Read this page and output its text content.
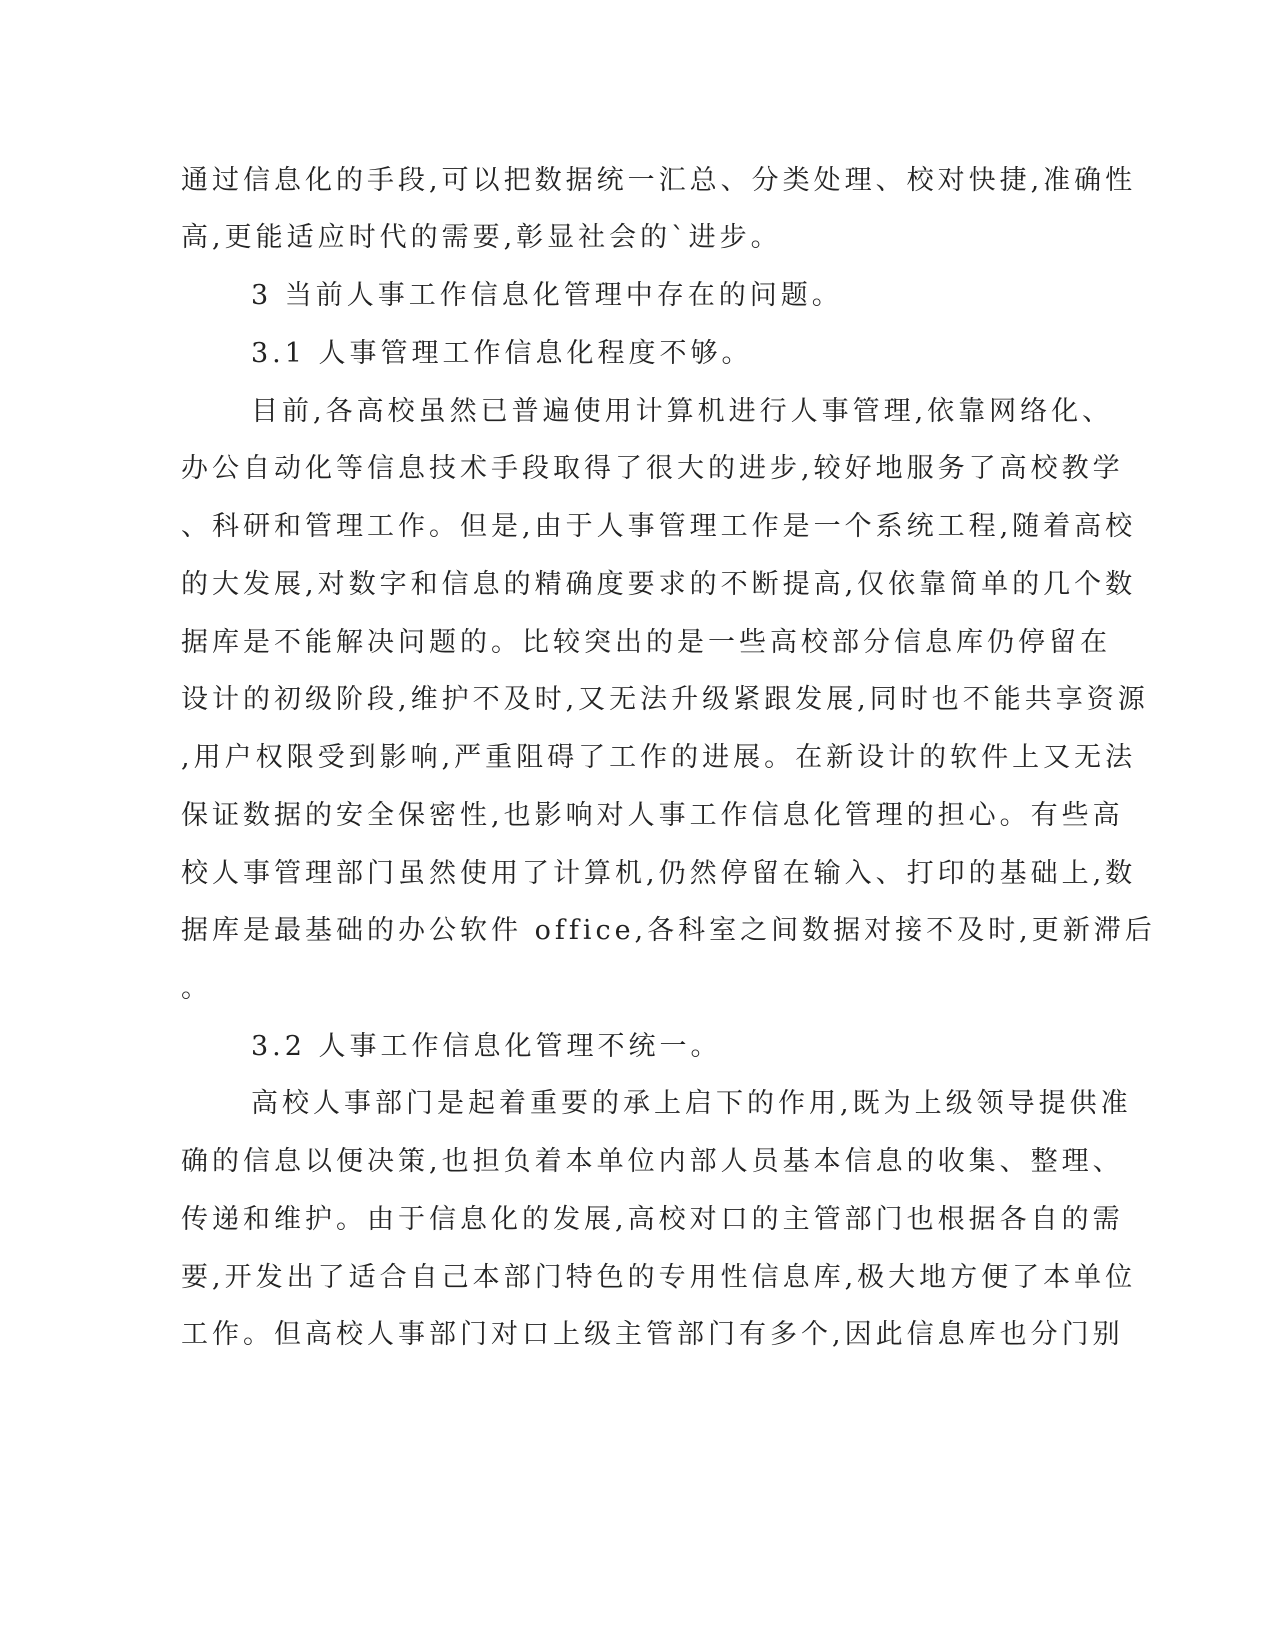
通过信息化的手段,可以把数据统一汇总、分类处理、校对快捷,准确性
高,更能适应时代的需要,彰显社会的`进步。
3 当前人事工作信息化管理中存在的问题。
3.1 人事管理工作信息化程度不够。
目前,各高校虽然已普遍使用计算机进行人事管理,依靠网络化、
办公自动化等信息技术手段取得了很大的进步,较好地服务了高校教学
、科研和管理工作。但是,由于人事管理工作是一个系统工程,随着高校
的大发展,对数字和信息的精确度要求的不断提高,仅依靠简单的几个数
据库是不能解决问题的。比较突出的是一些高校部分信息库仍停留在
设计的初级阶段,维护不及时,又无法升级紧跟发展,同时也不能共享资源
,用户权限受到影响,严重阻碍了工作的进展。在新设计的软件上又无法
保证数据的安全保密性,也影响对人事工作信息化管理的担心。有些高
校人事管理部门虽然使用了计算机,仍然停留在输入、打印的基础上,数
据库是最基础的办公软件 office,各科室之间数据对接不及时,更新滞后
。
3.2 人事工作信息化管理不统一。
高校人事部门是起着重要的承上启下的作用,既为上级领导提供准
确的信息以便决策,也担负着本单位内部人员基本信息的收集、整理、
传递和维护。由于信息化的发展,高校对口的主管部门也根据各自的需
要,开发出了适合自己本部门特色的专用性信息库,极大地方便了本单位
工作。但高校人事部门对口上级主管部门有多个,因此信息库也分门别
